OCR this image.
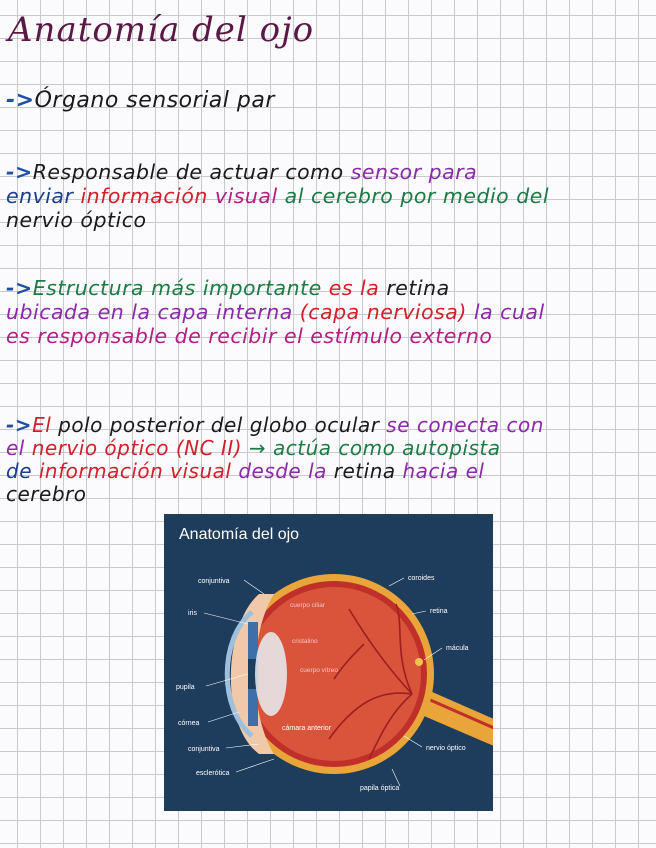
Anatomía del ojo
->Órgano sensorial par
->Responsable de actuar como sensor para
enviar información visual al cerebro por medio del
nervio óptico
->Estructura más importante es la retina
ubicada en la capa interna (capa nerviosa) la cual
es responsable de recibir el estímulo externo
->El polo posterior del globo ocular se conecta con
el nervio óptico (NC II) → actúa como autopista
de información visual desde la retina hacia el
cerebro
Anatomía del ojo
conjuntiva
iris
pupila
córnea
conjuntiva
esclerótica
cuerpo ciliar
cristalino
cuerpo vítreo
cámara anterior
coroides
retina
mácula
nervio óptico
papila óptica
